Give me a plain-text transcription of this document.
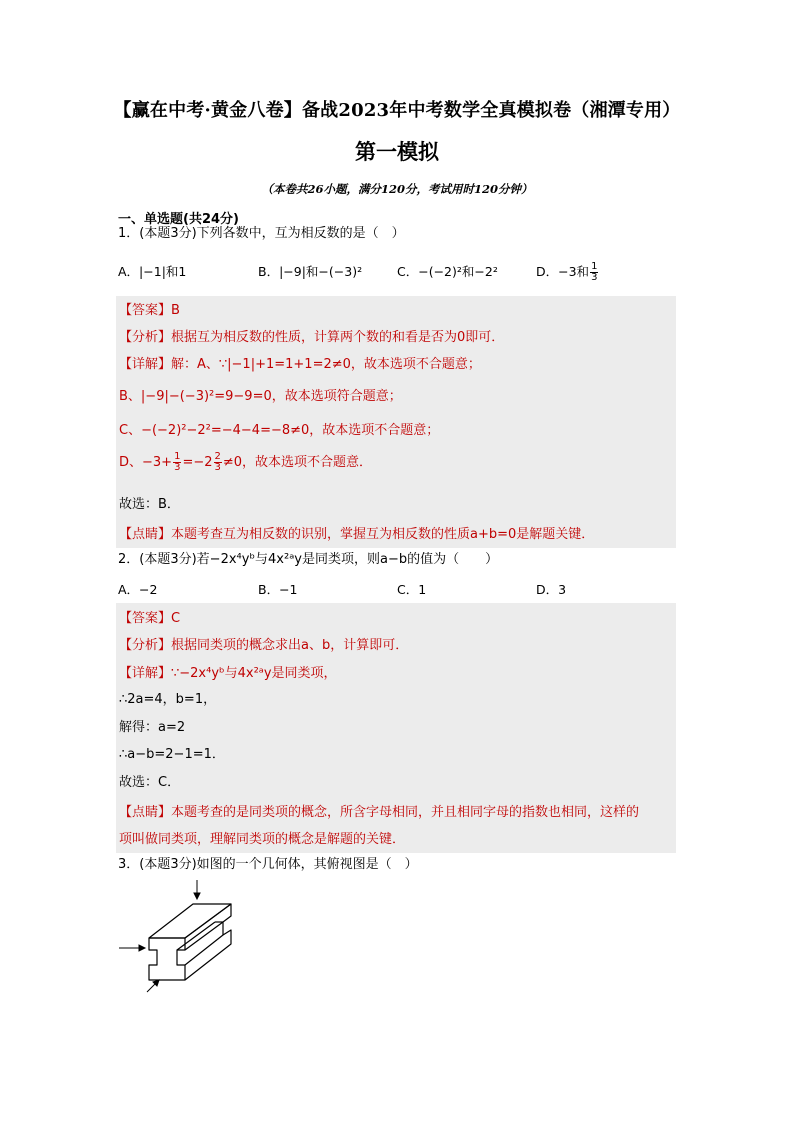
【赢在中考·黄金八卷】备战2023年中考数学全真模拟卷（湘潭专用）
第一模拟
（本卷共26小题，满分120分，考试用时120分钟）
一、单选题(共24分)
1．(本题3分)下列各数中，互为相反数的是（　）
A．|−1|和1	B．|−9|和−(−3)²	C．−(−2)²和−2²	D．−3和 $\frac{1}{3}$
【答案】B
【分析】根据互为相反数的性质，计算两个数的和看是否为0即可．
【详解】解：A、∵|−1|+1=1+1=2≠0，故本选项不合题意；
B、|−9|−(−3)²=9−9=0，故本选项符合题意；
C、−(−2)²−2²=−4−4=−8≠0，故本选项不合题意；
D、$-3+ \frac{1}{3} =-2 \frac{2}{3} \ne 0$，故本选项不合题意．
故选：B．
【点睛】本题考查互为相反数的识别，掌握互为相反数的性质a+b=0是解题关键．
2．(本题3分)若−2x⁴yᵇ与4x²ᵃy是同类项，则a−b的值为（　　）
A．−2	B．−1	C．1	D．3
【答案】C
【分析】根据同类项的概念求出a、b，计算即可．
【详解】∵−2x⁴yᵇ与4x²ᵃy是同类项，
∴2a=4，b=1，
解得：a=2
∴a−b=2−1=1．
故选：C．
【点睛】本题考查的是同类项的概念，所含字母相同，并且相同字母的指数也相同，这样的
项叫做同类项，理解同类项的概念是解题的关键．
3．(本题3分)如图的一个几何体，其俯视图是（　）
